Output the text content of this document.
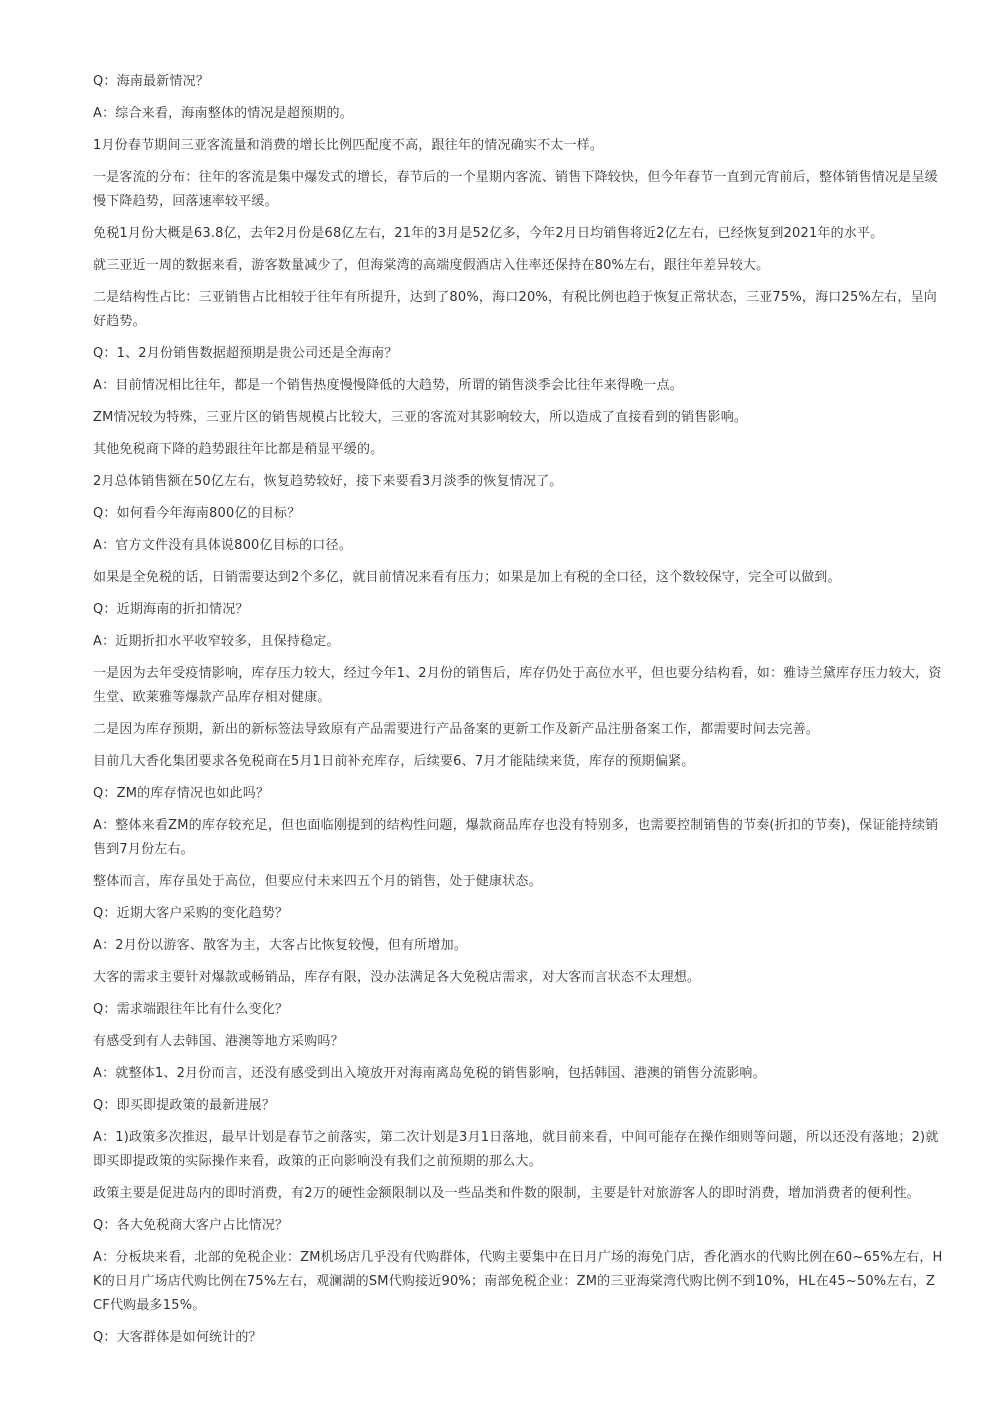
Q：海南最新情况？

A：综合来看，海南整体的情况是超预期的。

1月份春节期间三亚客流量和消费的增长比例匹配度不高，跟往年的情况确实不太一样。

一是客流的分布：往年的客流是集中爆发式的增长，春节后的一个星期内客流、销售下降较快，但今年春节一直到元宵前后，整体销售情况是呈缓慢下降趋势，回落速率较平缓。

免税1月份大概是63.8亿，去年2月份是68亿左右，21年的3月是52亿多，今年2月日均销售将近2亿左右，已经恢复到2021年的水平。

就三亚近一周的数据来看，游客数量减少了，但海棠湾的高端度假酒店入住率还保持在80%左右，跟往年差异较大。

二是结构性占比：三亚销售占比相较于往年有所提升，达到了80%，海口20%，有税比例也趋于恢复正常状态，三亚75%，海口25%左右，呈向好趋势。

Q：1、2月份销售数据超预期是贵公司还是全海南？

A：目前情况相比往年，都是一个销售热度慢慢降低的大趋势，所谓的销售淡季会比往年来得晚一点。

ZM情况较为特殊，三亚片区的销售规模占比较大，三亚的客流对其影响较大，所以造成了直接看到的销售影响。

其他免税商下降的趋势跟往年比都是稍显平缓的。

2月总体销售额在50亿左右，恢复趋势较好，接下来要看3月淡季的恢复情况了。

Q：如何看今年海南800亿的目标？

A：官方文件没有具体说800亿目标的口径。

如果是全免税的话，日销需要达到2个多亿，就目前情况来看有压力；如果是加上有税的全口径，这个数较保守，完全可以做到。

Q：近期海南的折扣情况？

A：近期折扣水平收窄较多，且保持稳定。

一是因为去年受疫情影响，库存压力较大，经过今年1、2月份的销售后，库存仍处于高位水平，但也要分结构看，如：雅诗兰黛库存压力较大，资生堂、欧莱雅等爆款产品库存相对健康。

二是因为库存预期，新出的新标签法导致原有产品需要进行产品备案的更新工作及新产品注册备案工作，都需要时间去完善。

目前几大香化集团要求各免税商在5月1日前补充库存，后续要6、7月才能陆续来货，库存的预期偏紧。

Q：ZM的库存情况也如此吗？

A：整体来看ZM的库存较充足，但也面临刚提到的结构性问题，爆款商品库存也没有特别多，也需要控制销售的节奏(折扣的节奏)，保证能持续销售到7月份左右。

整体而言，库存虽处于高位，但要应付未来四五个月的销售，处于健康状态。

Q：近期大客户采购的变化趋势？

A：2月份以游客、散客为主，大客占比恢复较慢，但有所增加。

大客的需求主要针对爆款或畅销品，库存有限，没办法满足各大免税店需求，对大客而言状态不太理想。

Q：需求端跟往年比有什么变化？

有感受到有人去韩国、港澳等地方采购吗？

A：就整体1、2月份而言，还没有感受到出入境放开对海南离岛免税的销售影响，包括韩国、港澳的销售分流影响。

Q：即买即提政策的最新进展？

A：1)政策多次推迟，最早计划是春节之前落实，第二次计划是3月1日落地，就目前来看，中间可能存在操作细则等问题，所以还没有落地；2)就即买即提政策的实际操作来看，政策的正向影响没有我们之前预期的那么大。

政策主要是促进岛内的即时消费，有2万的硬性金额限制以及一些品类和件数的限制，主要是针对旅游客人的即时消费，增加消费者的便利性。

Q：各大免税商大客户占比情况？

A：分板块来看，北部的免税企业：ZM机场店几乎没有代购群体，代购主要集中在日月广场的海免门店，香化酒水的代购比例在60~65%左右，HK的日月广场店代购比例在75%左右，观澜湖的SM代购接近90%；南部免税企业：ZM的三亚海棠湾代购比例不到10%，HL在45~50%左右，ZCF代购最多15%。

Q：大客群体是如何统计的？
